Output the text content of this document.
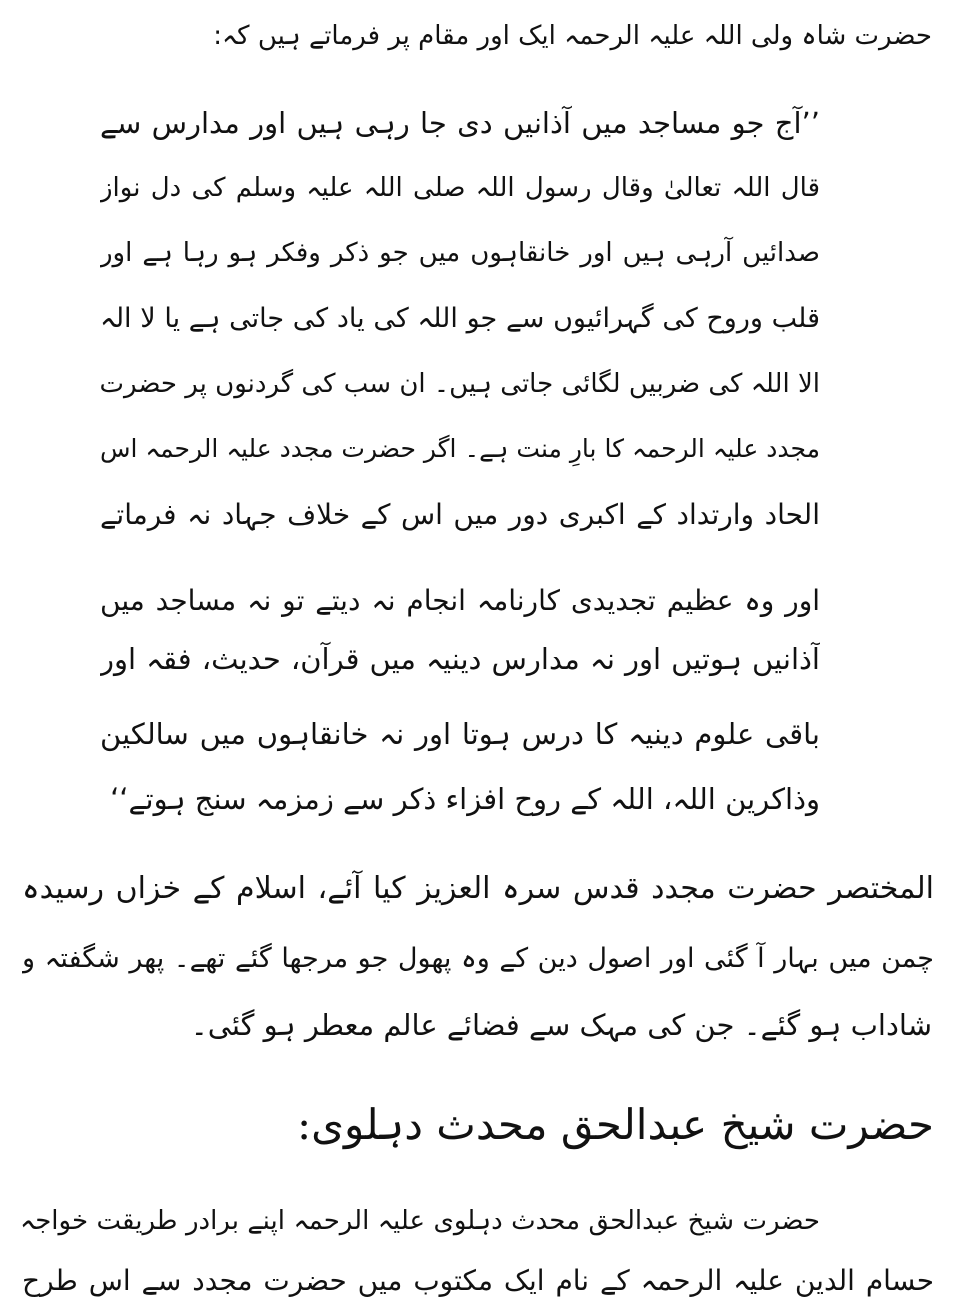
حضرت شاہ ولی اللہ علیہ الرحمہ ایک اور مقام پر فرماتے ہیں کہ:
’’آج جو مساجد میں آذانیں دی جا رہی ہیں اور مدارس سے
قال اللہ تعالیٰ وقال رسول اللہ صلی اللہ علیہ وسلم کی دل نواز
صدائیں آرہی ہیں اور خانقاہوں میں جو ذکر وفکر ہو رہا ہے اور
قلب وروح کی گہرائیوں سے جو اللہ کی یاد کی جاتی ہے یا لا الہ
الا اللہ کی ضربیں لگائی جاتی ہیں۔ ان سب کی گردنوں پر حضرت
مجدد علیہ الرحمہ کا بارِ منت ہے۔ اگر حضرت مجدد علیہ الرحمہ اس
الحاد وارتداد کے اکبری دور میں اس کے خلاف جہاد نہ فرماتے
اور وہ عظیم تجدیدی کارنامہ انجام نہ دیتے تو نہ مساجد میں
آذانیں ہوتیں اور نہ مدارس دینیہ میں قرآن، حدیث، فقہ اور
باقی علوم دینیہ کا درس ہوتا اور نہ خانقاہوں میں سالکین
وذاکرین اللہ، اللہ کے روح افزاء ذکر سے زمزمہ سنج ہوتے‘‘
المختصر حضرت مجدد قدس سرہ العزیز کیا آئے، اسلام کے خزاں رسیدہ
چمن میں بہار آ گئی اور اصول دین کے وہ پھول جو مرجھا گئے تھے۔ پھر شگفتہ و
شاداب ہو گئے۔ جن کی مہک سے فضائے عالم معطر ہو گئی۔
حضرت شیخ عبدالحق محدث دہلوی:
حضرت شیخ عبدالحق محدث دہلوی علیہ الرحمہ اپنے برادر طریقت خواجہ
حسام الدین علیہ الرحمہ کے نام ایک مکتوب میں حضرت مجدد سے اس طرح
